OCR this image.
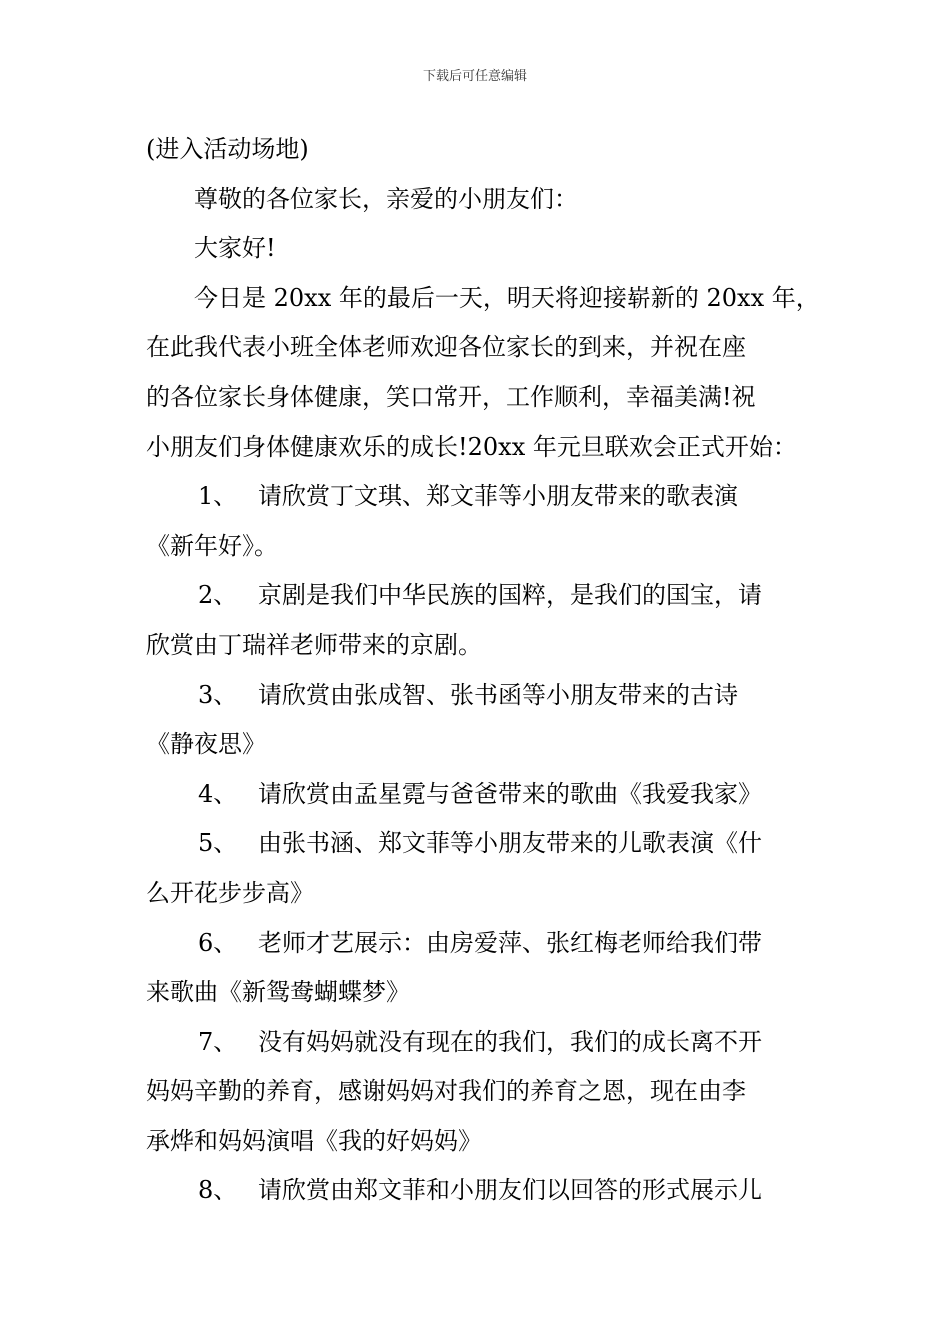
下载后可任意编辑
(进入活动场地)
尊敬的各位家长，亲爱的小朋友们：
大家好!
今日是 20xx 年的最后一天，明天将迎接崭新的 20xx 年，
在此我代表小班全体老师欢迎各位家长的到来，并祝在座
的各位家长身体健康，笑口常开，工作顺利，幸福美满!祝
小朋友们身体健康欢乐的成长!20xx 年元旦联欢会正式开始：
1、 请欣赏丁文琪、郑文菲等小朋友带来的歌表演
《新年好》。
2、 京剧是我们中华民族的国粹，是我们的国宝，请
欣赏由丁瑞祥老师带来的京剧。
3、 请欣赏由张成智、张书函等小朋友带来的古诗
《静夜思》
4、 请欣赏由孟星霓与爸爸带来的歌曲《我爱我家》
5、 由张书涵、郑文菲等小朋友带来的儿歌表演《什
么开花步步高》
6、 老师才艺展示：由房爱萍、张红梅老师给我们带
来歌曲《新鸳鸯蝴蝶梦》
7、 没有妈妈就没有现在的我们，我们的成长离不开
妈妈辛勤的养育，感谢妈妈对我们的养育之恩，现在由李
承烨和妈妈演唱《我的好妈妈》
8、 请欣赏由郑文菲和小朋友们以回答的形式展示儿
